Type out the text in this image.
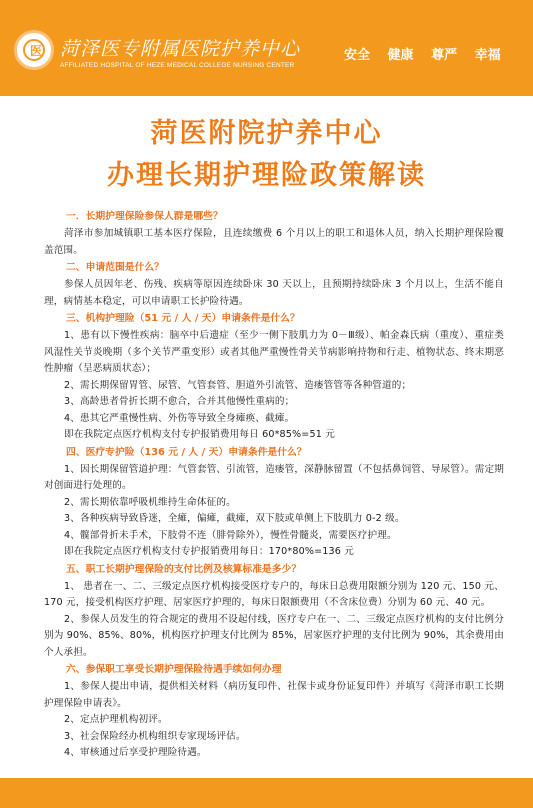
医 菏泽医专附属医院护养中心
AFFILIATED HOSPITAL OF HEZE MEDICAL COLLEGE NURSING CENTER
安全 健康 尊严 幸福
菏医附院护养中心
办理长期护理险政策解读
一．长期护理保险参保人群是哪些？
菏泽市参加城镇职工基本医疗保险，且连续缴费 6 个月以上的职工和退休人员，纳入长期护理保险覆盖范围。
二、申请范围是什么？
参保人员因年老、伤残、疾病等原因连续卧床 30 天以上，且预期持续卧床 3 个月以上，生活不能自理，病情基本稳定，可以申请职工长护险待遇。
三、机构护理险（51 元 / 人 / 天）申请条件是什么？
1、患有以下慢性疾病：脑卒中后遗症（至少一侧下肢肌力为 0－Ⅲ级）、帕金森氏病（重度）、重症类风湿性关节炎晚期（多个关节严重变形）或者其他严重慢性骨关节病影响持物和行走、植物状态、终末期恶性肿瘤（呈恶病质状态）；
2、需长期保留胃管、尿管、气管套管、胆道外引流管、造瘘管管等各种管道的；
3、高龄患者骨折长期不愈合，合并其他慢性重病的；
4、患其它严重慢性病、外伤等导致全身瘫痪、截瘫。
即在我院定点医疗机构支付专护报销费用每日 60*85%=51 元
四、医疗专护险（136 元 / 人 / 天）申请条件是什么？
1、因长期保留管道护理：气管套管、引流管，造瘘管，深静脉留置（不包括鼻饲管、导尿管）。需定期对创面进行处理的。
2、需长期依靠呼吸机维持生命体征的。
3、各种疾病导致昏迷，全瘫，偏瘫，截瘫，双下肢或单侧上下肢肌力 0-2 级。
4、髋部骨折未手术，下肢骨不连（腓骨除外），慢性骨髓炎，需要医疗护理。
即在我院定点医疗机构支付专护报销费用每日：170*80%=136 元
五、职工长期护理保险的支付比例及核算标准是多少？
1、 患者在一、二、三级定点医疗机构接受医疗专户的，每床日总费用限额分别为 120 元、150 元、170 元，接受机构医疗护理、居家医疗护理的，每床日限额费用（不含床位费）分别为 60 元、40 元。
2、参保人员发生的符合规定的费用不设起付线，医疗专户在一、二、三级定点医疗机构的支付比例分别为 90%、85%、80%，机构医疗护理支付比例为 85%，居家医疗护理的支付比例为 90%，其余费用由个人承担。
六、参保职工享受长期护理保险待遇手续如何办理
1、参保人提出申请，提供相关材料（病历复印件、社保卡或身份证复印件）并填写《菏泽市职工长期护理保险申请表》。
2、定点护理机构初评。
3、社会保险经办机构组织专家现场评估。
4、审核通过后享受护理险待遇。
